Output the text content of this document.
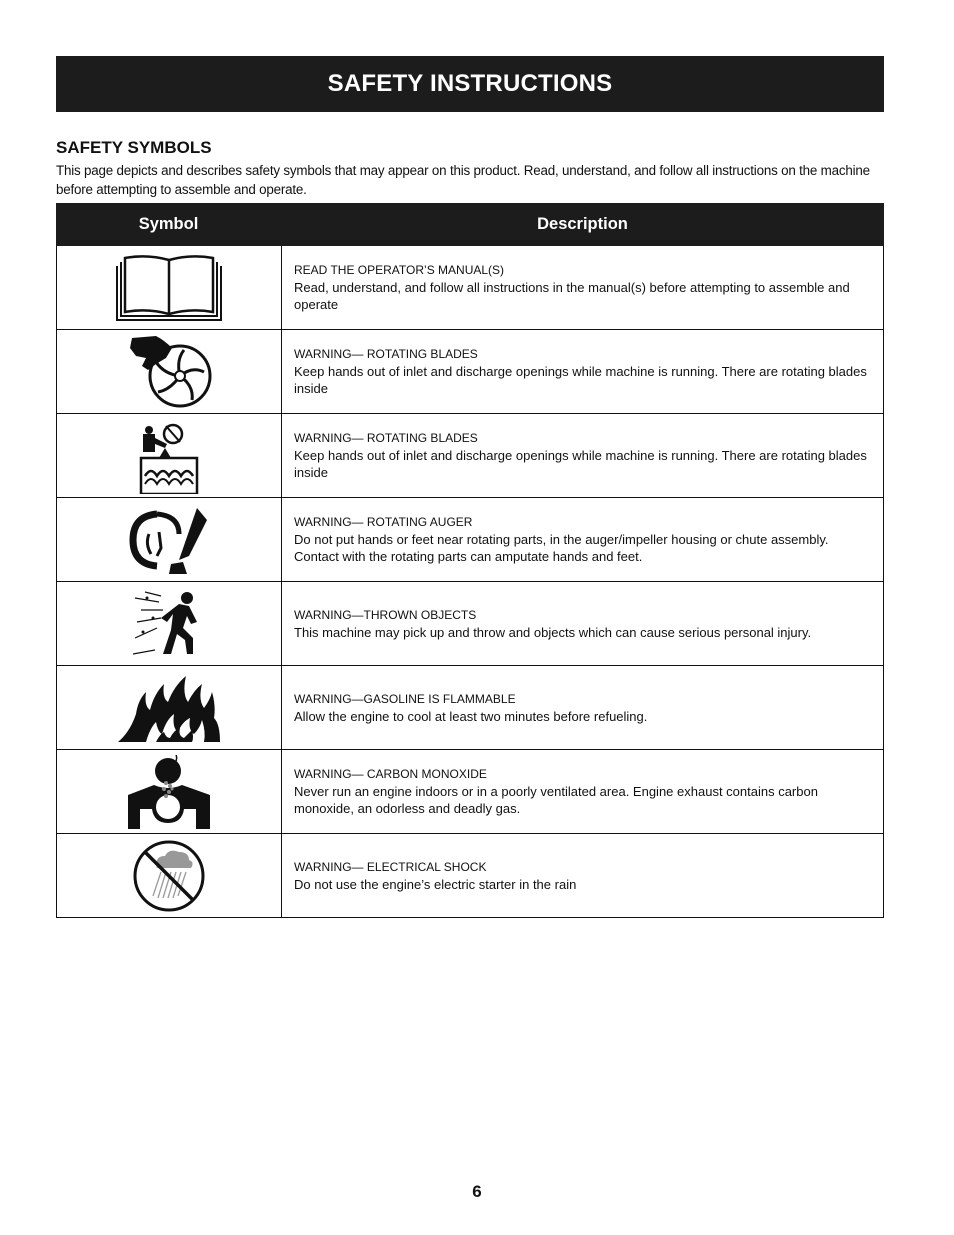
SAFETY INSTRUCTIONS
SAFETY SYMBOLS

This page depicts and describes safety symbols that may appear on this product. Read, understand, and follow all instructions on the machine before attempting to assemble and operate.

Symbol	Description
READ THE OPERATOR’S MANUAL(S)
Read, understand, and follow all instructions in the manual(s) before attempting to assemble and operate
WARNING— ROTATING BLADES
Keep hands out of inlet and discharge openings while machine is running. There are rotating blades inside
WARNING— ROTATING BLADES
Keep hands out of inlet and discharge openings while machine is running. There are rotating blades inside
WARNING— ROTATING AUGER
Do not put hands or feet near rotating parts, in the auger/impeller housing or chute assembly. Contact with the rotating parts can amputate hands and feet.
WARNING—THROWN OBJECTS
This machine may pick up and throw and objects which can cause serious personal injury.
WARNING—GASOLINE IS FLAMMABLE
Allow the engine to cool at least two minutes before refueling.
WARNING— CARBON MONOXIDE
Never run an engine indoors or in a poorly ventilated area. Engine exhaust contains carbon monoxide, an odorless and deadly gas.
WARNING— ELECTRICAL SHOCK
Do not use the engine’s electric starter in the rain
6
